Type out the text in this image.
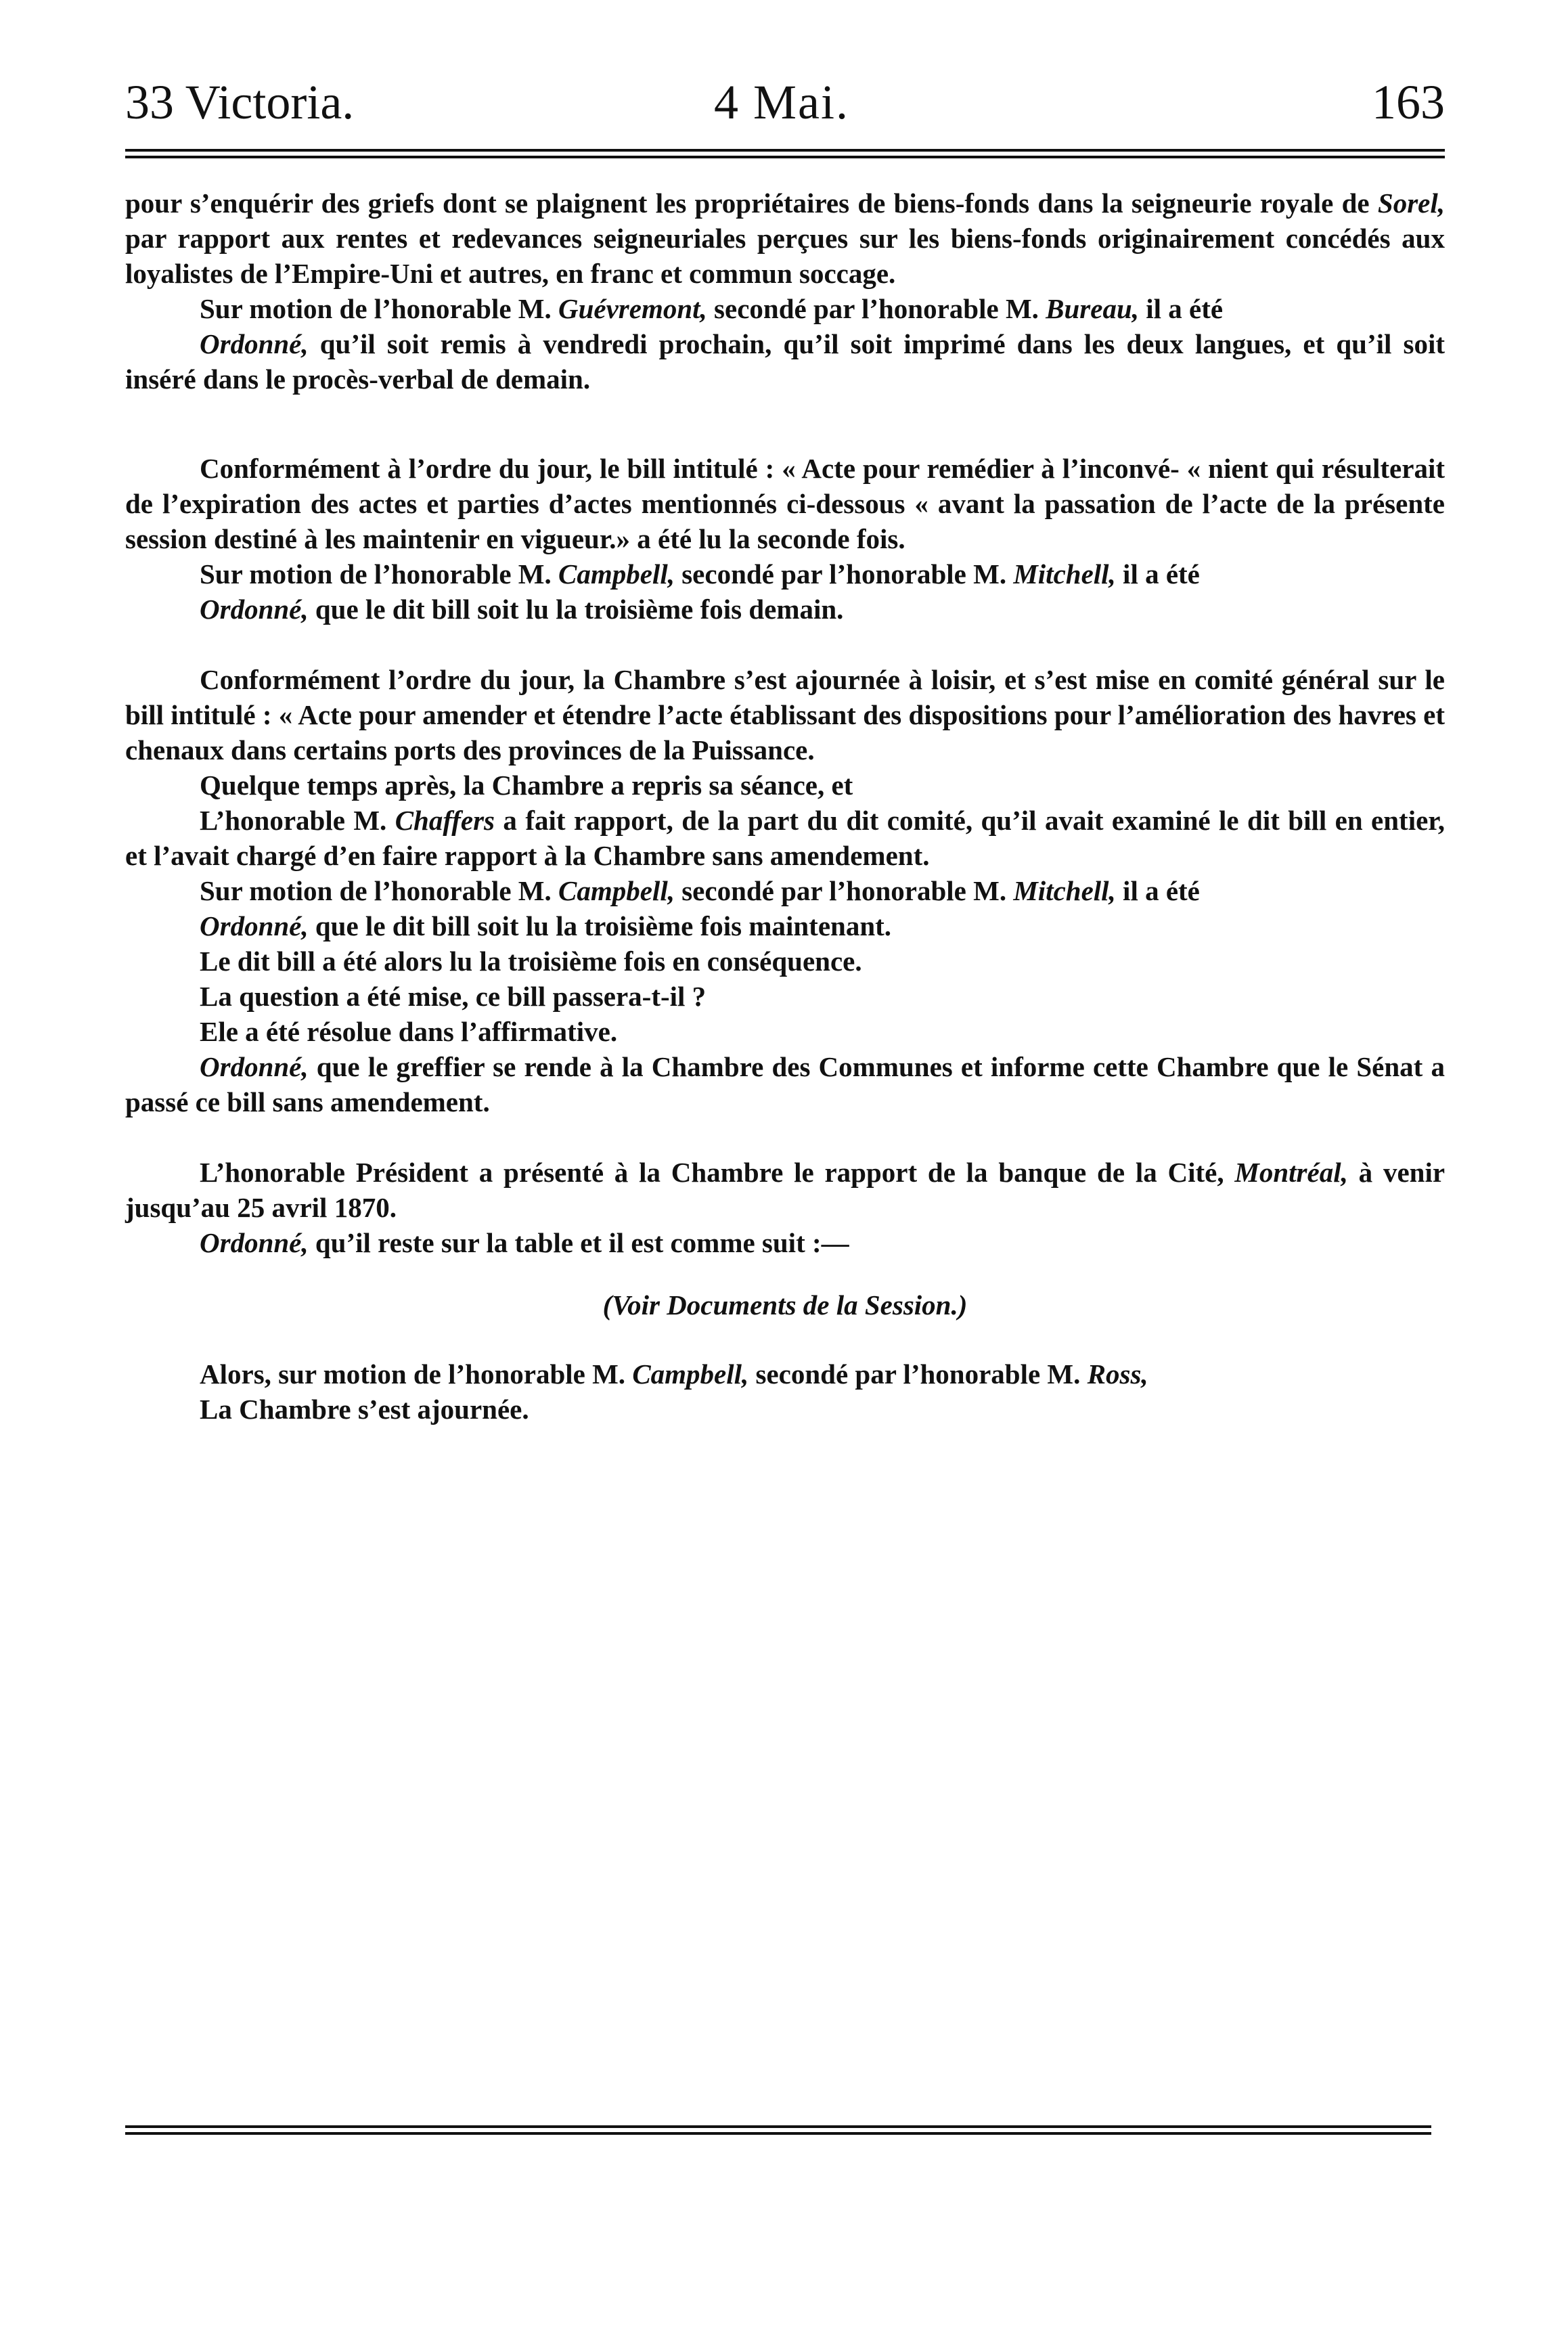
33 Victoria.	4 Mai.	163

pour s’enquérir des griefs dont se plaignent les propriétaires de biens-fonds dans la seigneurie royale de Sorel, par rapport aux rentes et redevances seigneuriales perçues sur les biens-fonds originairement concédés aux loyalistes de l’Empire-Uni et autres, en franc et commun soccage.

Sur motion de l’honorable M. Guévremont, secondé par l’honorable M. Bureau, il a été

Ordonné, qu’il soit remis à vendredi prochain, qu’il soit imprimé dans les deux langues, et qu’il soit inséré dans le procès-verbal de demain.

Conformément à l’ordre du jour, le bill intitulé : « Acte pour remédier à l’inconvé- « nient qui résulterait de l’expiration des actes et parties d’actes mentionnés ci-dessous « avant la passation de l’acte de la présente session destiné à les maintenir en vigueur.» a été lu la seconde fois.

Sur motion de l’honorable M. Campbell, secondé par l’honorable M. Mitchell, il a été

Ordonné, que le dit bill soit lu la troisième fois demain.

Conformément l’ordre du jour, la Chambre s’est ajournée à loisir, et s’est mise en comité général sur le bill intitulé : « Acte pour amender et étendre l’acte établissant des dispositions pour l’amélioration des havres et chenaux dans certains ports des provinces de la Puissance.

Quelque temps après, la Chambre a repris sa séance, et

L’honorable M. Chaffers a fait rapport, de la part du dit comité, qu’il avait examiné le dit bill en entier, et l’avait chargé d’en faire rapport à la Chambre sans amendement.

Sur motion de l’honorable M. Campbell, secondé par l’honorable M. Mitchell, il a été

Ordonné, que le dit bill soit lu la troisième fois maintenant.

Le dit bill a été alors lu la troisième fois en conséquence.

La question a été mise, ce bill passera-t-il ?

Ele a été résolue dans l’affirmative.

Ordonné, que le greffier se rende à la Chambre des Communes et informe cette Chambre que le Sénat a passé ce bill sans amendement.

L’honorable Président a présenté à la Chambre le rapport de la banque de la Cité, Montréal, à venir jusqu’au 25 avril 1870.

Ordonné, qu’il reste sur la table et il est comme suit :—

(Voir Documents de la Session.)

Alors, sur motion de l’honorable M. Campbell, secondé par l’honorable M. Ross,

La Chambre s’est ajournée.
